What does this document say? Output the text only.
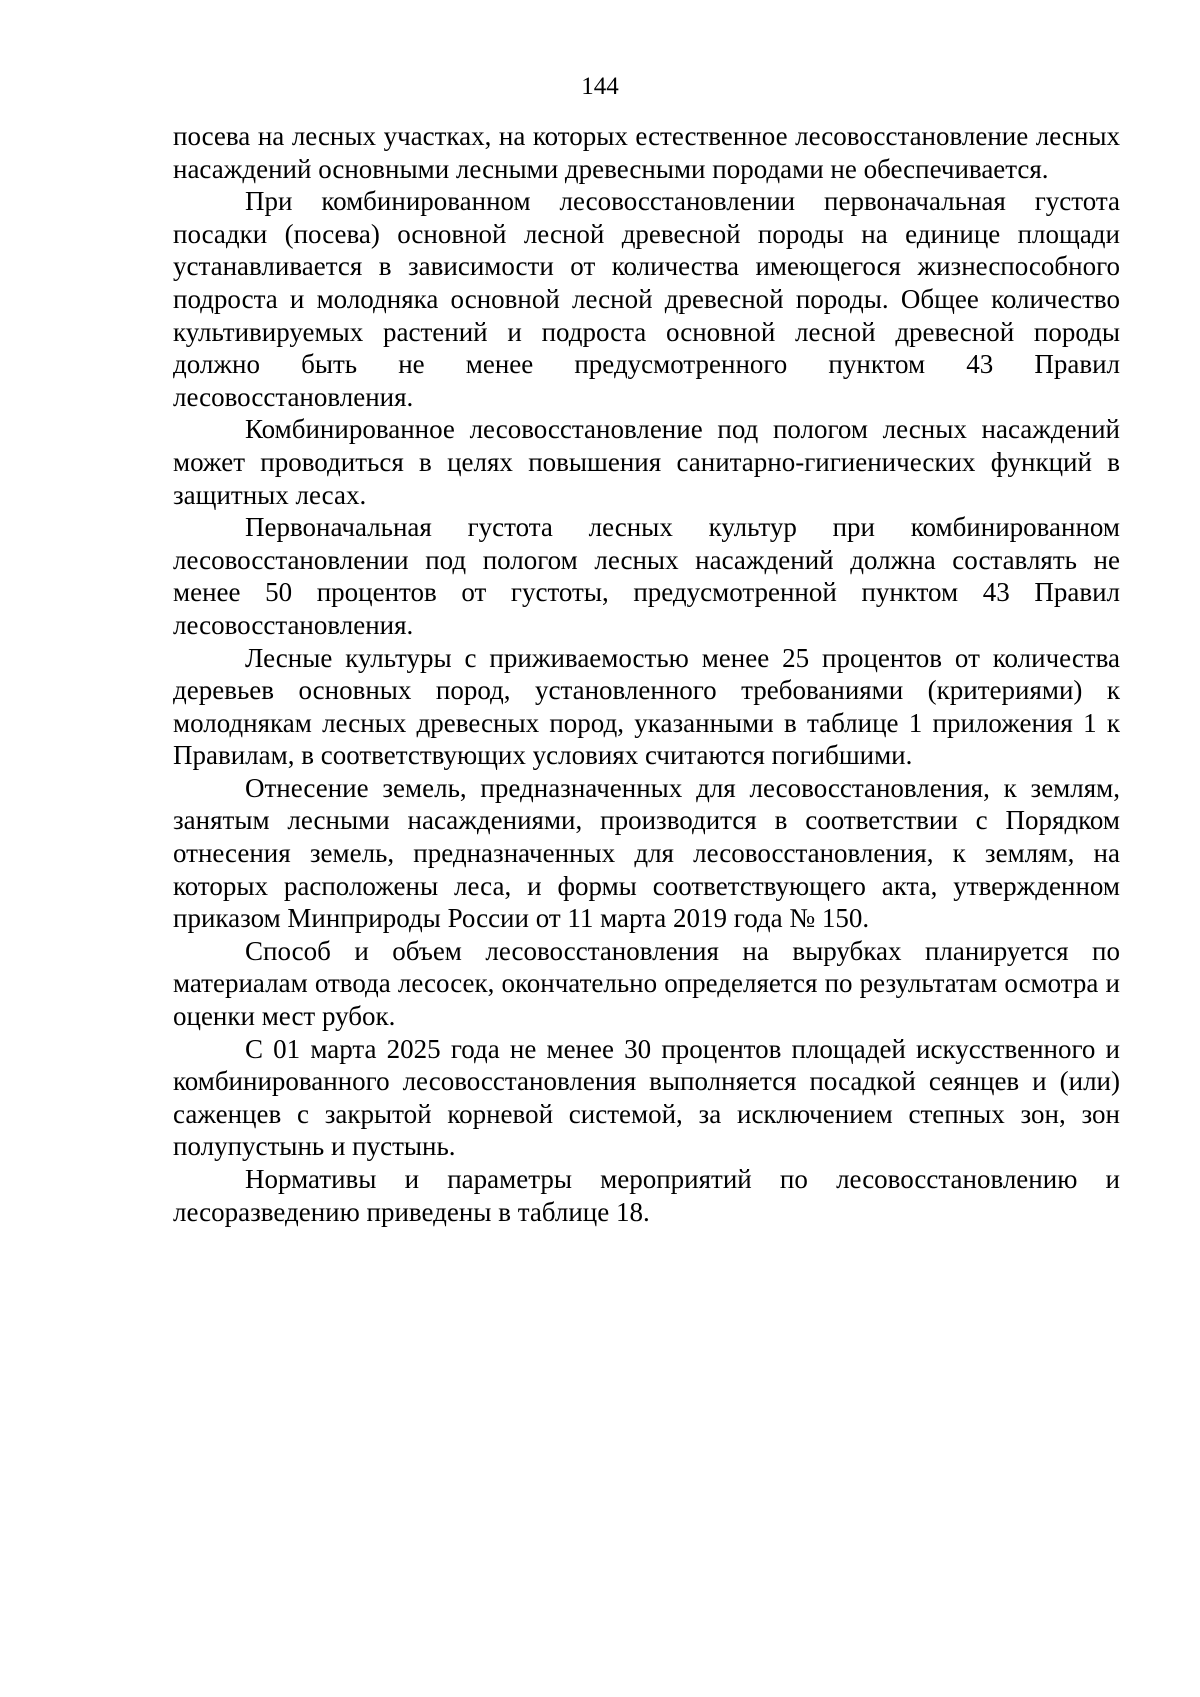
144

посева на лесных участках, на которых естественное лесовосстановление лесных насаждений основными лесными древесными породами не обеспечивается.

При комбинированном лесовосстановлении первоначальная густота посадки (посева) основной лесной древесной породы на единице площади устанавливается в зависимости от количества имеющегося жизнеспособного подроста и молодняка основной лесной древесной породы. Общее количество культивируемых растений и подроста основной лесной древесной породы должно быть не менее предусмотренного пунктом 43 Правил лесовосстановления.

Комбинированное лесовосстановление под пологом лесных насаждений может проводиться в целях повышения санитарно-гигиенических функций в защитных лесах.

Первоначальная густота лесных культур при комбинированном лесовосстановлении под пологом лесных насаждений должна составлять не менее 50 процентов от густоты, предусмотренной пунктом 43 Правил лесовосстановления.

Лесные культуры с приживаемостью менее 25 процентов от количества деревьев основных пород, установленного требованиями (критериями) к молоднякам лесных древесных пород, указанными в таблице 1 приложения 1 к Правилам, в соответствующих условиях считаются погибшими.

Отнесение земель, предназначенных для лесовосстановления, к землям, занятым лесными насаждениями, производится в соответствии с Порядком отнесения земель, предназначенных для лесовосстановления, к землям, на которых расположены леса, и формы соответствующего акта, утвержденном приказом Минприроды России от 11 марта 2019 года № 150.

Способ и объем лесовосстановления на вырубках планируется по материалам отвода лесосек, окончательно определяется по результатам осмотра и оценки мест рубок.

С 01 марта 2025 года не менее 30 процентов площадей искусственного и комбинированного лесовосстановления выполняется посадкой сеянцев и (или) саженцев с закрытой корневой системой, за исключением степных зон, зон полупустынь и пустынь.

Нормативы и параметры мероприятий по лесовосстановлению и лесоразведению приведены в таблице 18.
